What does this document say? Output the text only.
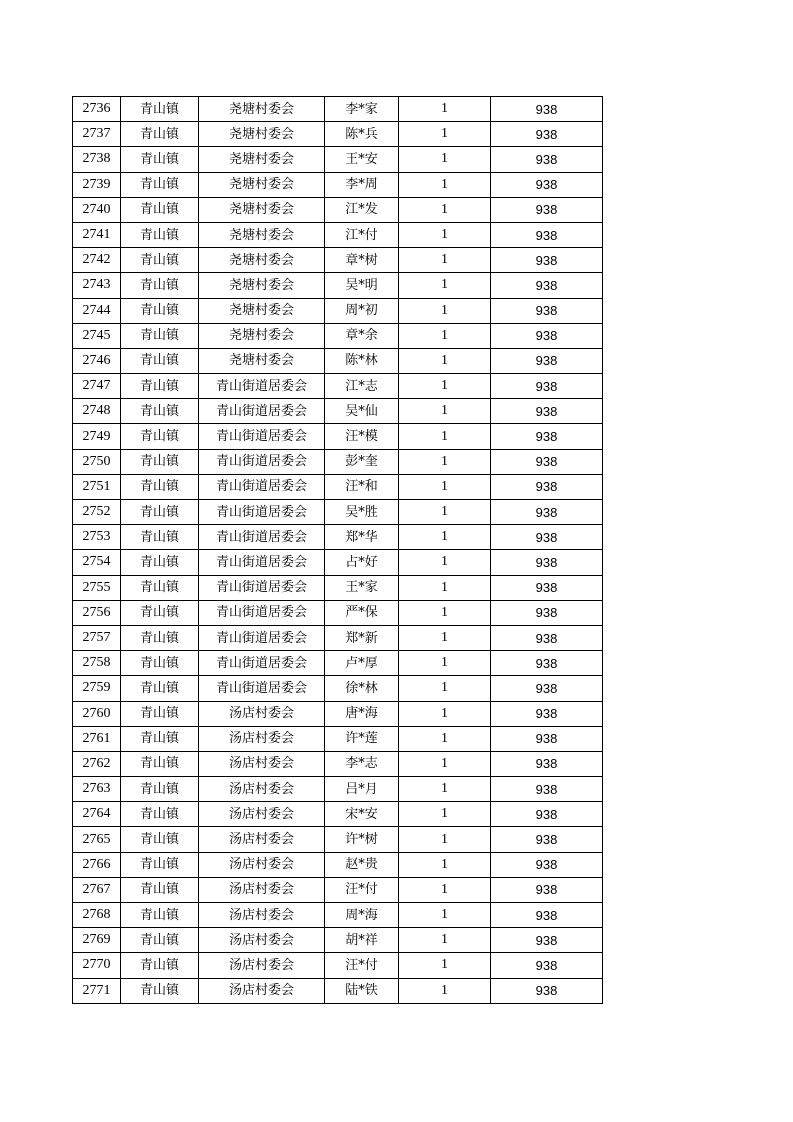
2736	青山镇	尧塘村委会	李*家	1	938
2737	青山镇	尧塘村委会	陈*兵	1	938
2738	青山镇	尧塘村委会	王*安	1	938
2739	青山镇	尧塘村委会	李*周	1	938
2740	青山镇	尧塘村委会	江*发	1	938
2741	青山镇	尧塘村委会	江*付	1	938
2742	青山镇	尧塘村委会	章*树	1	938
2743	青山镇	尧塘村委会	吴*明	1	938
2744	青山镇	尧塘村委会	周*初	1	938
2745	青山镇	尧塘村委会	章*余	1	938
2746	青山镇	尧塘村委会	陈*林	1	938
2747	青山镇	青山街道居委会	江*志	1	938
2748	青山镇	青山街道居委会	吴*仙	1	938
2749	青山镇	青山街道居委会	汪*模	1	938
2750	青山镇	青山街道居委会	彭*奎	1	938
2751	青山镇	青山街道居委会	汪*和	1	938
2752	青山镇	青山街道居委会	吴*胜	1	938
2753	青山镇	青山街道居委会	郑*华	1	938
2754	青山镇	青山街道居委会	占*好	1	938
2755	青山镇	青山街道居委会	王*家	1	938
2756	青山镇	青山街道居委会	严*保	1	938
2757	青山镇	青山街道居委会	郑*新	1	938
2758	青山镇	青山街道居委会	卢*厚	1	938
2759	青山镇	青山街道居委会	徐*林	1	938
2760	青山镇	汤店村委会	唐*海	1	938
2761	青山镇	汤店村委会	许*莲	1	938
2762	青山镇	汤店村委会	李*志	1	938
2763	青山镇	汤店村委会	吕*月	1	938
2764	青山镇	汤店村委会	宋*安	1	938
2765	青山镇	汤店村委会	许*树	1	938
2766	青山镇	汤店村委会	赵*贵	1	938
2767	青山镇	汤店村委会	汪*付	1	938
2768	青山镇	汤店村委会	周*海	1	938
2769	青山镇	汤店村委会	胡*祥	1	938
2770	青山镇	汤店村委会	汪*付	1	938
2771	青山镇	汤店村委会	陆*铁	1	938
